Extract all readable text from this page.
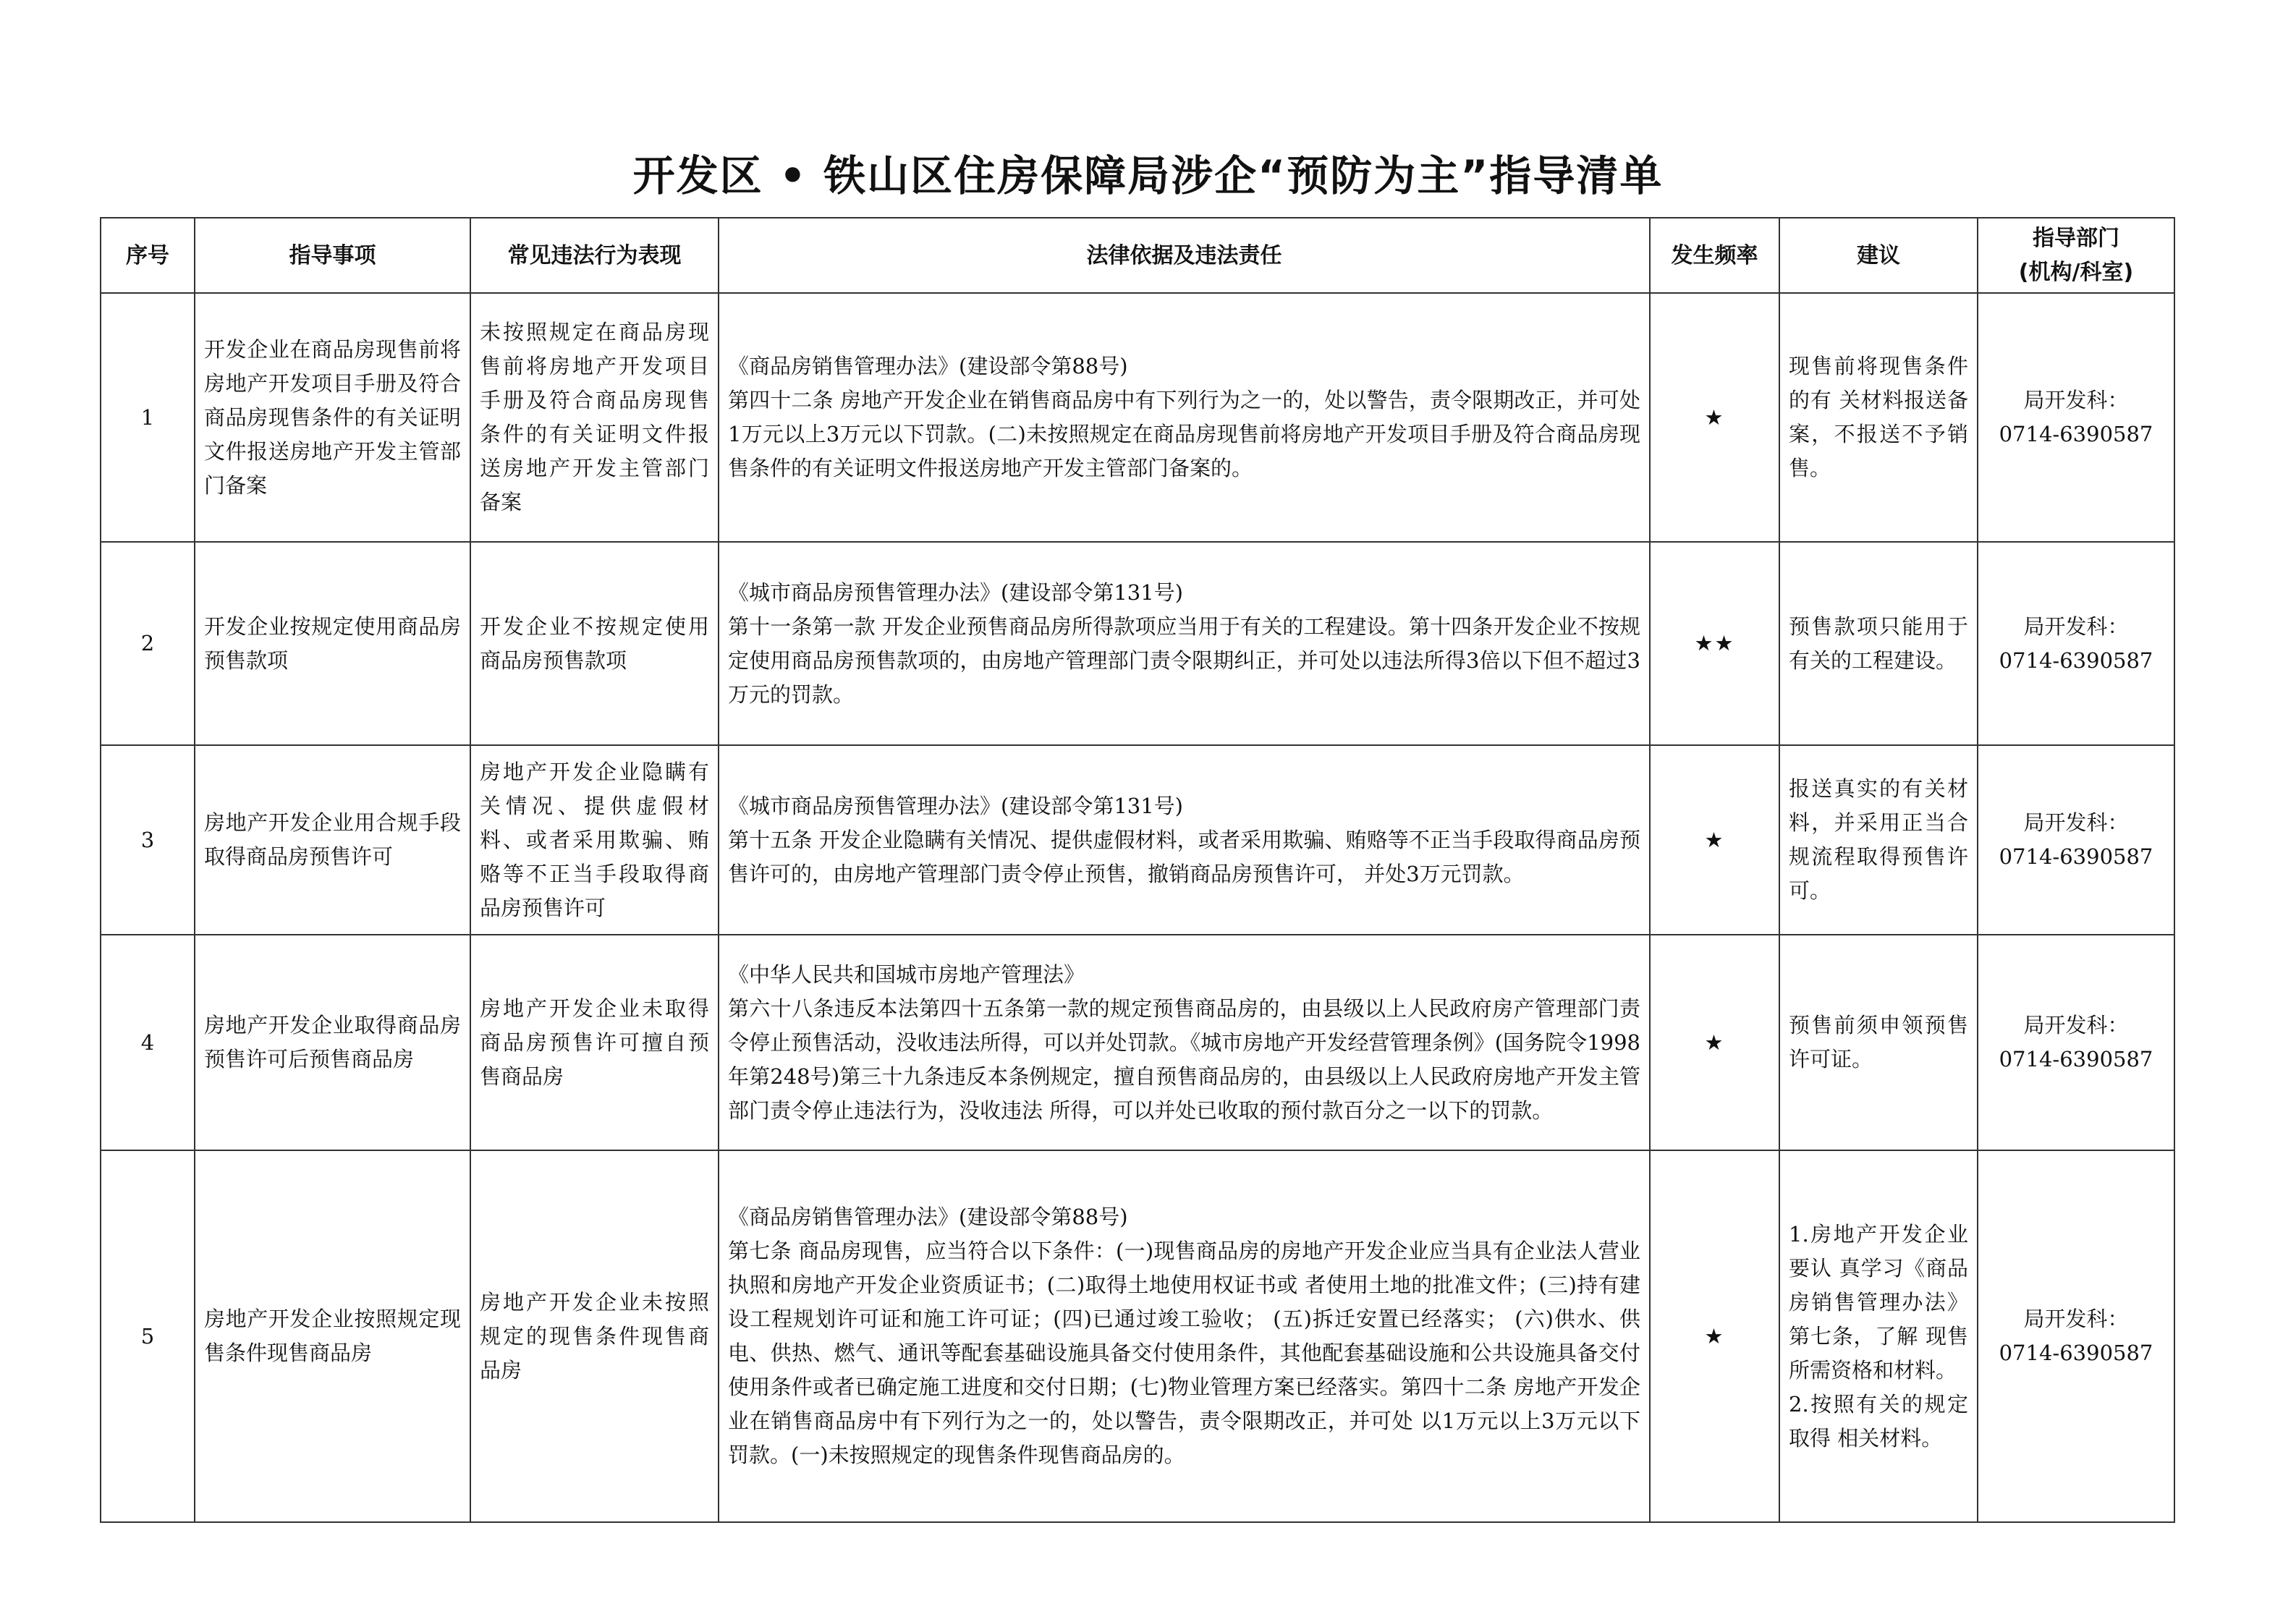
开发区 • 铁山区住房保障局涉企“预防为主”指导清单
序号	指导事项	常见违法行为表现	法律依据及违法责任	发生频率	建议	指导部门
(机构/科室)

1	开发企业在商品房现售前将房地产开发项目手册及符合商品房现售条件的有关证明文件报送房地产开发主管部门备案	未按照规定在商品房现售前将房地产开发项目手册及符合商品房现售条件的有关证明文件报送房地产开发主管部门备案	《商品房销售管理办法》(建设部令第88号)
第四十二条 房地产开发企业在销售商品房中有下列行为之一的，处以警告，责令限期改正，并可处1万元以上3万元以下罚款。(二)未按照规定在商品房现售前将房地产开发项目手册及符合商品房现售条件的有关证明文件报送房地产开发主管部门备案的。	★	现售前将现售条件的有 关材料报送备案，不报送不予销售。	局开发科：
0714-6390587

2	开发企业按规定使用商品房预售款项	开发企业不按规定使用商品房预售款项	《城市商品房预售管理办法》(建设部令第131号)
第十一条第一款 开发企业预售商品房所得款项应当用于有关的工程建设。第十四条开发企业不按规定使用商品房预售款项的，由房地产管理部门责令限期纠正，并可处以违法所得3倍以下但不超过3万元的罚款。	★★	预售款项只能用于有关的工程建设。	局开发科：
0714-6390587

3	房地产开发企业用合规手段取得商品房预售许可	房地产开发企业隐瞒有关情况、提供虚假材料、或者采用欺骗、贿赂等不正当手段取得商品房预售许可	《城市商品房预售管理办法》(建设部令第131号)
第十五条 开发企业隐瞒有关情况、提供虚假材料，或者采用欺骗、贿赂等不正当手段取得商品房预售许可的，由房地产管理部门责令停止预售，撤销商品房预售许可， 并处3万元罚款。	★	报送真实的有关材料，并采用正当合规流程取得预售许可。	局开发科：
0714-6390587

4	房地产开发企业取得商品房预售许可后预售商品房	房地产开发企业未取得商品房预售许可擅自预售商品房	《中华人民共和国城市房地产管理法》
第六十八条违反本法第四十五条第一款的规定预售商品房的，由县级以上人民政府房产管理部门责令停止预售活动，没收违法所得，可以并处罚款。《城市房地产开发经营管理条例》(国务院令1998年第248号)第三十九条违反本条例规定，擅自预售商品房的，由县级以上人民政府房地产开发主管部门责令停止违法行为，没收违法 所得，可以并处已收取的预付款百分之一以下的罚款。	★	预售前须申领预售许可证。	局开发科：
0714-6390587

5	房地产开发企业按照规定现售条件现售商品房	房地产开发企业未按照规定的现售条件现售商品房	《商品房销售管理办法》(建设部令第88号)
第七条 商品房现售，应当符合以下条件：(一)现售商品房的房地产开发企业应当具有企业法人营业执照和房地产开发企业资质证书；(二)取得土地使用权证书或 者使用土地的批准文件；(三)持有建设工程规划许可证和施工许可证；(四)已通过竣工验收； (五)拆迁安置已经落实； (六)供水、供电、供热、燃气、通讯等配套基础设施具备交付使用条件，其他配套基础设施和公共设施具备交付使用条件或者已确定施工进度和交付日期；(七)物业管理方案已经落实。第四十二条 房地产开发企业在销售商品房中有下列行为之一的，处以警告，责令限期改正，并可处 以1万元以上3万元以下罚款。(一)未按照规定的现售条件现售商品房的。	★	1.房地产开发企业要认 真学习《商品房销售管理办法》第七条，了解 现售所需资格和材料。
2.按照有关的规定取得 相关材料。	局开发科：
0714-6390587
